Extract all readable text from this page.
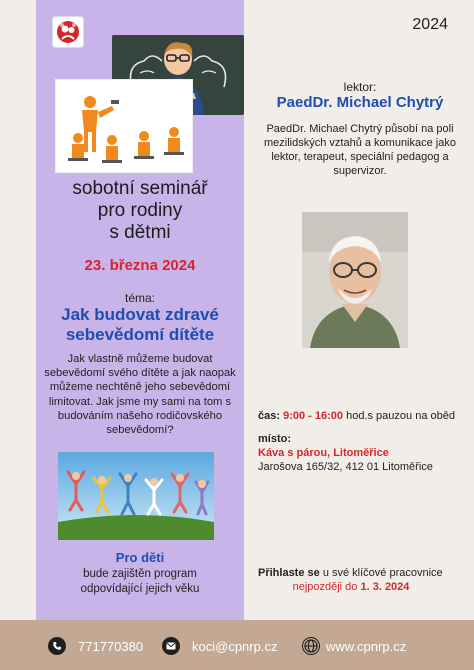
2024
sobotní seminář
pro rodiny
s dětmi
23. března 2024
téma:
Jak budovat zdravé
sebevědomí dítěte
Jak vlastně můžeme budovat sebevědomí svého dítěte a jak naopak můžeme nechtěně jeho sebevědomí limitovat. Jak jsme my sami na tom s budováním našeho rodičovského sebevědomí?
Pro děti
bude zajištěn program odpovídající jejich věku
lektor:
PaedDr. Michael Chytrý
PaedDr. Michael Chytrý působí na poli mezilidských vztahů a komunikace jako lektor, terapeut, speciální pedagog a supervizor.
čas: 9:00 - 16:00 hod.s pauzou na oběd
místo:
Káva s párou, Litoměřice
Jarošova 165/32, 412 01 Litoměřice
Přihlaste se u své klíčové pracovnice
nejpozději do 1. 3. 2024
771770380	koci@cpnrp.cz	www.cpnrp.cz
